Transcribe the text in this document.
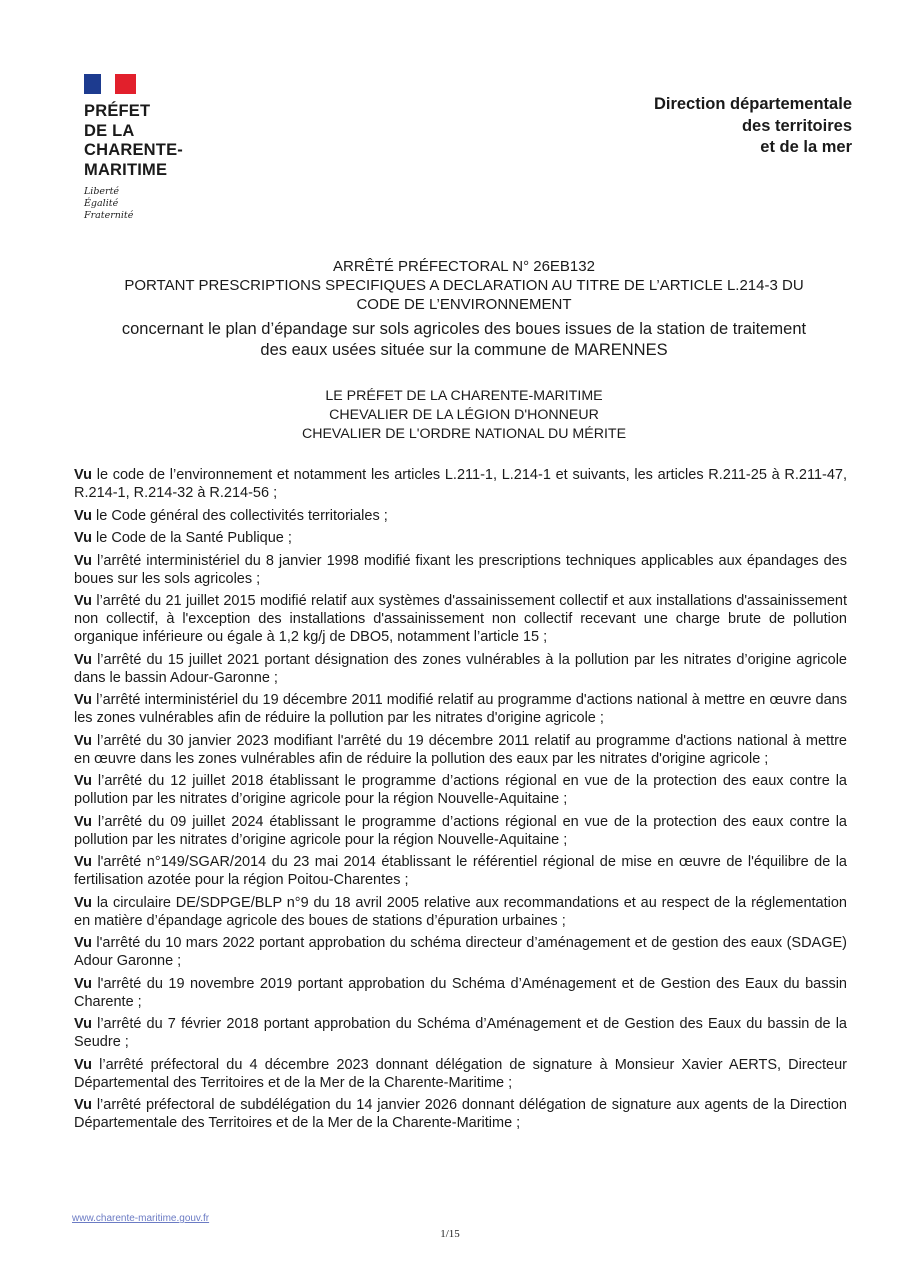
PRÉFET
DE LA
CHARENTE-
MARITIME
Liberté
Égalité
Fraternité
Direction départementale
des territoires
et de la mer
ARRÊTÉ PRÉFECTORAL N° 26EB132
PORTANT PRESCRIPTIONS SPECIFIQUES A DECLARATION AU TITRE DE L’ARTICLE L.214-3 DU
CODE DE L’ENVIRONNEMENT
concernant le plan d’épandage sur sols agricoles des boues issues de la station de traitement
des eaux usées située sur la commune de MARENNES
LE PRÉFET DE LA CHARENTE-MARITIME
CHEVALIER DE LA LÉGION D'HONNEUR
CHEVALIER DE L'ORDRE NATIONAL DU MÉRITE

Vu le code de l’environnement et notamment les articles L.211-1, L.214-1 et suivants, les articles R.211-25 à R.211-47, R.214-1, R.214-32 à R.214-56 ;

Vu le Code général des collectivités territoriales ;

Vu le Code de la Santé Publique ;

Vu l’arrêté interministériel du 8 janvier 1998 modifié fixant les prescriptions techniques applicables aux épandages des boues sur les sols agricoles ;

Vu l’arrêté du 21 juillet 2015 modifié relatif aux systèmes d'assainissement collectif et aux installations d'assainissement non collectif, à l'exception des installations d'assainissement non collectif recevant une charge brute de pollution organique inférieure ou égale à 1,2 kg/j de DBO5, notamment l’article 15 ;

Vu l’arrêté du 15 juillet 2021 portant désignation des zones vulnérables à la pollution par les nitrates d’origine agricole dans le bassin Adour-Garonne ;

Vu l’arrêté interministériel du 19 décembre 2011 modifié relatif au programme d'actions national à mettre en œuvre dans les zones vulnérables afin de réduire la pollution par les nitrates d'origine agricole ;

Vu l’arrêté du 30 janvier 2023 modifiant l'arrêté du 19 décembre 2011 relatif au programme d'actions national à mettre en œuvre dans les zones vulnérables afin de réduire la pollution des eaux par les nitrates d'origine agricole ;

Vu l’arrêté du 12 juillet 2018 établissant le programme d’actions régional en vue de la protection des eaux contre la pollution par les nitrates d’origine agricole pour la région Nouvelle-Aquitaine ;

Vu l’arrêté du 09 juillet 2024 établissant le programme d’actions régional en vue de la protection des eaux contre la pollution par les nitrates d’origine agricole pour la région Nouvelle-Aquitaine ;

Vu l'arrêté n°149/SGAR/2014 du 23 mai 2014 établissant le référentiel régional de mise en œuvre de l'équilibre de la fertilisation azotée pour la région Poitou-Charentes ;

Vu la circulaire DE/SDPGE/BLP n°9 du 18 avril 2005 relative aux recommandations et au respect de la réglementation en matière d’épandage agricole des boues de stations d’épuration urbaines ;

Vu l'arrêté du 10 mars 2022 portant approbation du schéma directeur d’aménagement et de gestion des eaux (SDAGE) Adour Garonne ;

Vu l'arrêté du 19 novembre 2019 portant approbation du Schéma d’Aménagement et de Gestion des Eaux du bassin Charente ;

Vu l’arrêté du 7 février 2018 portant approbation du Schéma d’Aménagement et de Gestion des Eaux du bassin de la Seudre ;

Vu l’arrêté préfectoral du 4 décembre 2023 donnant délégation de signature à Monsieur Xavier AERTS, Directeur Départemental des Territoires et de la Mer de la Charente-Maritime ;

Vu l’arrêté préfectoral de subdélégation du 14 janvier 2026 donnant délégation de signature aux agents de la Direction Départementale des Territoires et de la Mer de la Charente-Maritime ;

www.charente-maritime.gouv.fr
1/15
